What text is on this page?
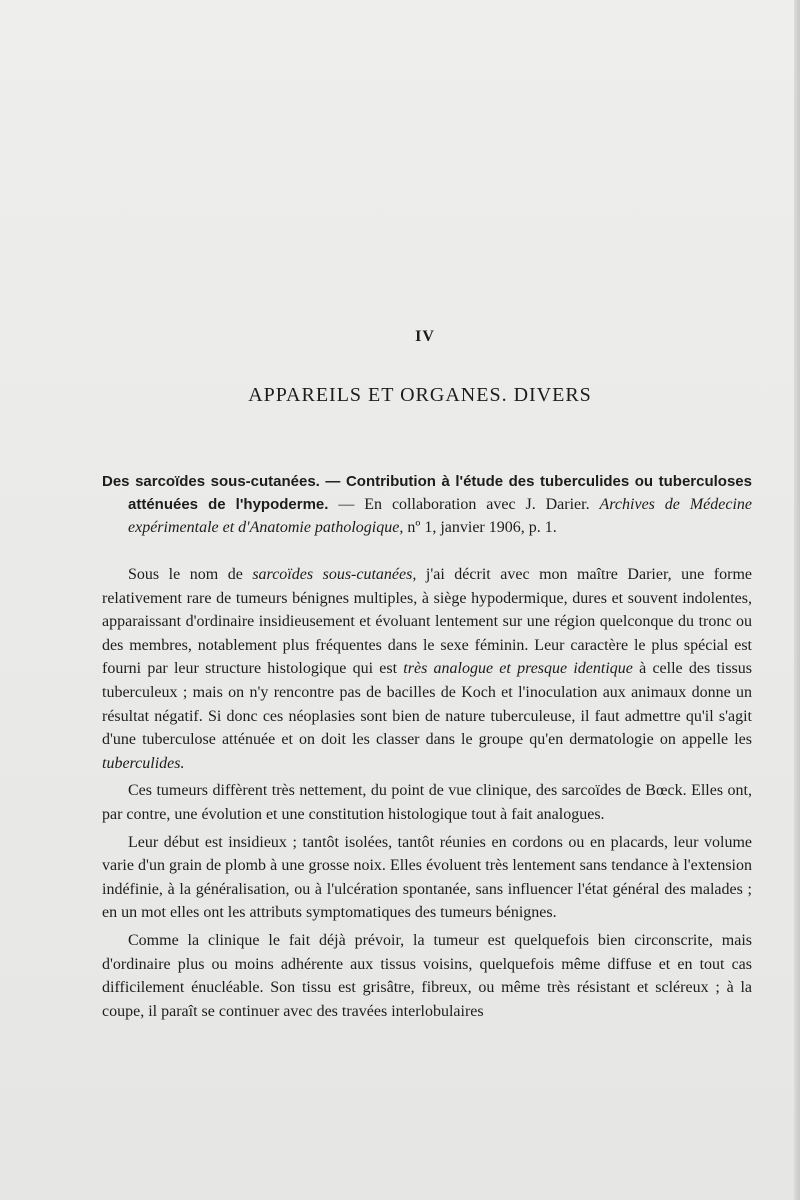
IV
APPAREILS ET ORGANES. DIVERS

Des sarcoïdes sous-cutanées. — Contribution à l'étude des tuberculides ou tuberculoses atténuées de l'hypoderme. — En collaboration avec J. Darier. Archives de Médecine expérimentale et d'Anatomie pathologique, nº 1, janvier 1906, p. 1.

Sous le nom de sarcoïdes sous-cutanées, j'ai décrit avec mon maître Darier, une forme relativement rare de tumeurs bénignes multiples, à siège hypodermique, dures et souvent indolentes, apparaissant d'ordinaire insidieusement et évoluant lentement sur une région quelconque du tronc ou des membres, notablement plus fréquentes dans le sexe féminin. Leur caractère le plus spécial est fourni par leur structure histologique qui est très analogue et presque identique à celle des tissus tuberculeux ; mais on n'y rencontre pas de bacilles de Koch et l'inoculation aux animaux donne un résultat négatif. Si donc ces néoplasies sont bien de nature tuberculeuse, il faut admettre qu'il s'agit d'une tuberculose atténuée et on doit les classer dans le groupe qu'en dermatologie on appelle les tuberculides.

Ces tumeurs diffèrent très nettement, du point de vue clinique, des sarcoïdes de Bœck. Elles ont, par contre, une évolution et une constitution histologique tout à fait analogues.

Leur début est insidieux ; tantôt isolées, tantôt réunies en cordons ou en placards, leur volume varie d'un grain de plomb à une grosse noix. Elles évoluent très lentement sans tendance à l'extension indéfinie, à la généralisation, ou à l'ulcération spontanée, sans influencer l'état général des malades ; en un mot elles ont les attributs symptomatiques des tumeurs bénignes.

Comme la clinique le fait déjà prévoir, la tumeur est quelquefois bien circonscrite, mais d'ordinaire plus ou moins adhérente aux tissus voisins, quelquefois même diffuse et en tout cas difficilement énucléable. Son tissu est grisâtre, fibreux, ou même très résistant et scléreux ; à la coupe, il paraît se continuer avec des travées interlobulaires
